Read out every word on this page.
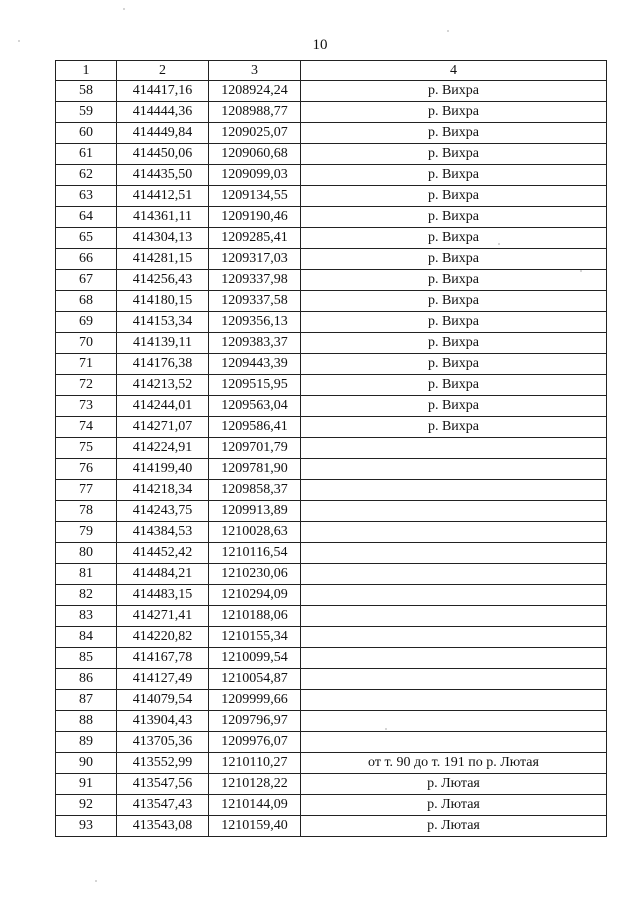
10
1	2	3	4
58	414417,16	1208924,24	р. Вихра
59	414444,36	1208988,77	р. Вихра
60	414449,84	1209025,07	р. Вихра
61	414450,06	1209060,68	р. Вихра
62	414435,50	1209099,03	р. Вихра
63	414412,51	1209134,55	р. Вихра
64	414361,11	1209190,46	р. Вихра
65	414304,13	1209285,41	р. Вихра
66	414281,15	1209317,03	р. Вихра
67	414256,43	1209337,98	р. Вихра
68	414180,15	1209337,58	р. Вихра
69	414153,34	1209356,13	р. Вихра
70	414139,11	1209383,37	р. Вихра
71	414176,38	1209443,39	р. Вихра
72	414213,52	1209515,95	р. Вихра
73	414244,01	1209563,04	р. Вихра
74	414271,07	1209586,41	р. Вихра
75	414224,91	1209701,79	
76	414199,40	1209781,90	
77	414218,34	1209858,37	
78	414243,75	1209913,89	
79	414384,53	1210028,63	
80	414452,42	1210116,54	
81	414484,21	1210230,06	
82	414483,15	1210294,09	
83	414271,41	1210188,06	
84	414220,82	1210155,34	
85	414167,78	1210099,54	
86	414127,49	1210054,87	
87	414079,54	1209999,66	
88	413904,43	1209796,97	
89	413705,36	1209976,07	
90	413552,99	1210110,27	от т. 90 до т. 191 по р. Лютая
91	413547,56	1210128,22	р. Лютая
92	413547,43	1210144,09	р. Лютая
93	413543,08	1210159,40	р. Лютая
